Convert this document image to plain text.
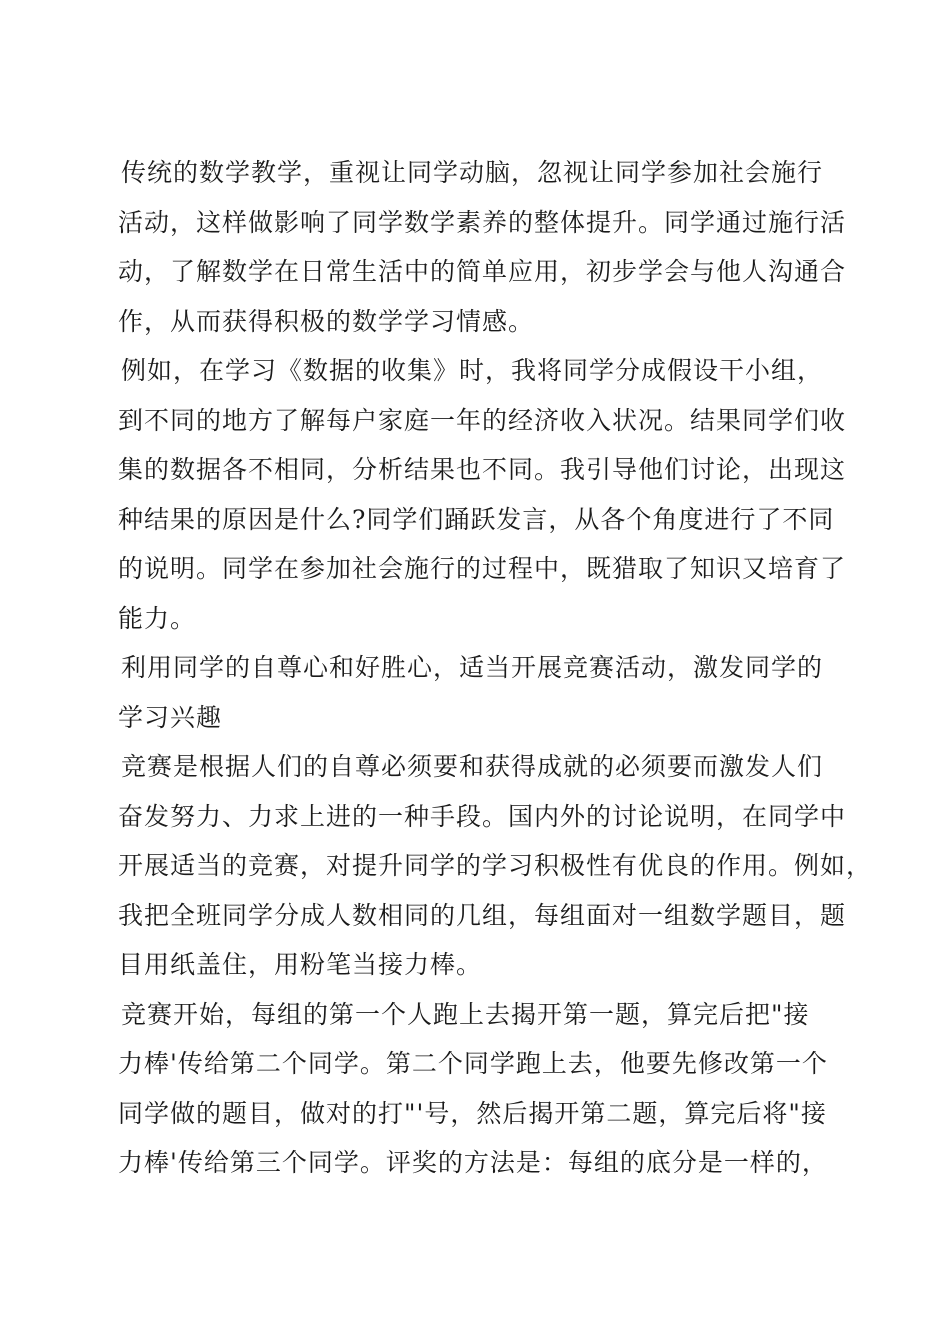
传统的数学教学，重视让同学动脑，忽视让同学参加社会施行
活动，这样做影响了同学数学素养的整体提升。同学通过施行活
动，了解数学在日常生活中的简单应用，初步学会与他人沟通合
作，从而获得积极的数学学习情感。
例如，在学习《数据的收集》时，我将同学分成假设干小组，
到不同的地方了解每户家庭一年的经济收入状况。结果同学们收
集的数据各不相同，分析结果也不同。我引导他们讨论，出现这
种结果的原因是什么?同学们踊跃发言，从各个角度进行了不同
的说明。同学在参加社会施行的过程中，既猎取了知识又培育了
能力。
利用同学的自尊心和好胜心，适当开展竞赛活动，激发同学的
学习兴趣
竞赛是根据人们的自尊必须要和获得成就的必须要而激发人们
奋发努力、力求上进的一种手段。国内外的讨论说明，在同学中
开展适当的竞赛，对提升同学的学习积极性有优良的作用。例如，
我把全班同学分成人数相同的几组，每组面对一组数学题目，题
目用纸盖住，用粉笔当接力棒。
竞赛开始，每组的第一个人跑上去揭开第一题，算完后把"接
力棒'传给第二个同学。第二个同学跑上去，他要先修改第一个
同学做的题目，做对的打"'号，然后揭开第二题，算完后将"接
力棒'传给第三个同学。评奖的方法是：每组的底分是一样的，
